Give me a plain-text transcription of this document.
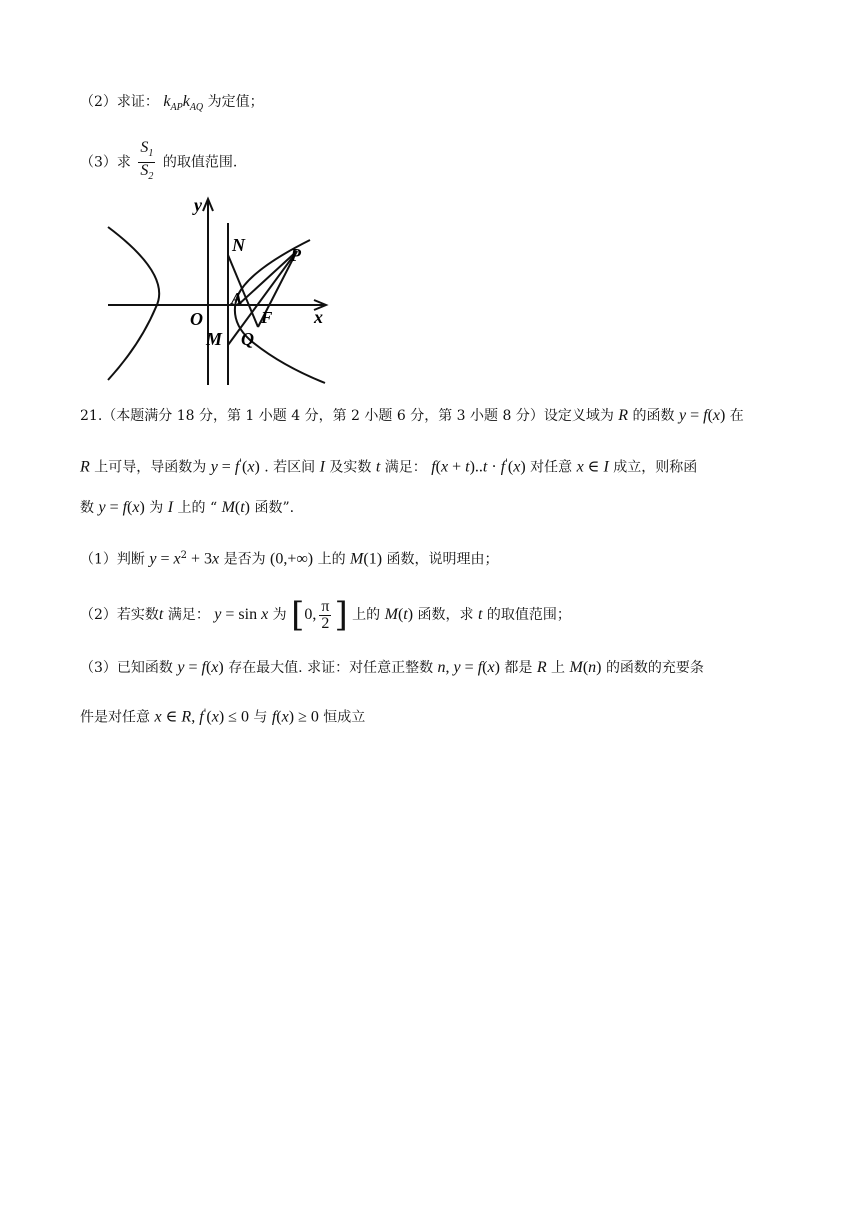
（2）求证： $k_{AP}k_{AQ}$ 为定值；
（3）求 $\frac{S_1}{S_2}$ 的取值范围.
y
x
O
N	P
A
F
M Q
21.（本题满分 18 分，第 1 小题 4 分，第 2 小题 6 分，第 3 小题 8 分）设定义域为 R 的函数 y = f(x) 在
R 上可导，导函数为 y = f'(x) . 若区间 I 及实数 t 满足： f(x + t)..t · f'(x) 对任意 x ∈ I 成立，则称函
数 y = f(x) 为 I 上的 “ M(t) 函数”.
（1）判断 $y = x^2 + 3x$ 是否为 (0,+∞) 上的 M(1) 函数，说明理由；
（2）若实数t 满足： y = sin x 为 [0, $\frac{\pi}{2}$ ] 上的 M(t) 函数，求 t 的取值范围；
（3）已知函数 y = f(x) 存在最大值. 求证：对任意正整数 n, y = f(x) 都是 R 上 M(n) 的函数的充要条
件是对任意 x ∈ R, f'(x) ≤ 0 与 f(x) ≥ 0 恒成立
